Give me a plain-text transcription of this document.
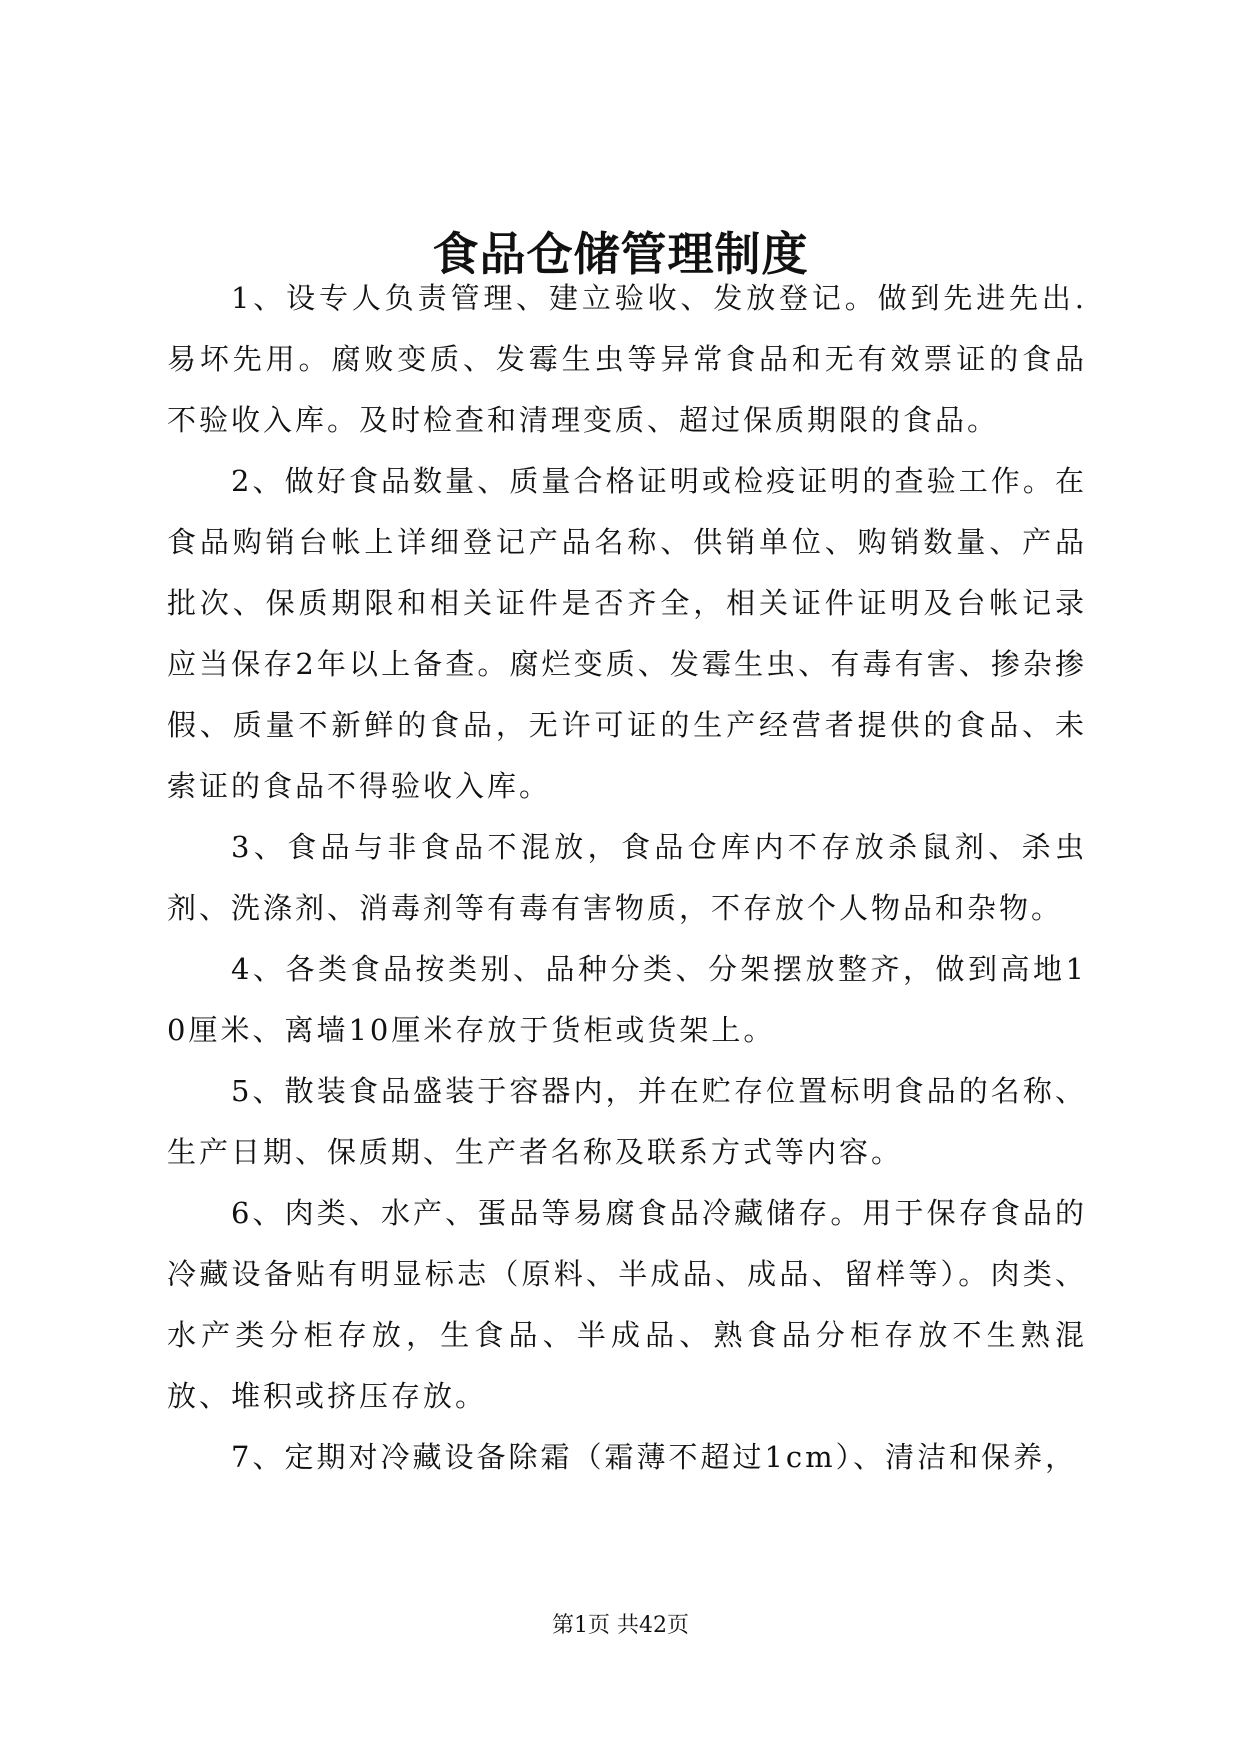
食品仓储管理制度

1、设专人负责管理、建立验收、发放登记。做到先进先出.易坏先用。腐败变质、发霉生虫等异常食品和无有效票证的食品不验收入库。及时检查和清理变质、超过保质期限的食品。

2、做好食品数量、质量合格证明或检疫证明的查验工作。在食品购销台帐上详细登记产品名称、供销单位、购销数量、产品批次、保质期限和相关证件是否齐全，相关证件证明及台帐记录应当保存2年以上备查。腐烂变质、发霉生虫、有毒有害、掺杂掺假、质量不新鲜的食品，无许可证的生产经营者提供的食品、未索证的食品不得验收入库。

3、食品与非食品不混放，食品仓库内不存放杀鼠剂、杀虫剂、洗涤剂、消毒剂等有毒有害物质，不存放个人物品和杂物。

4、各类食品按类别、品种分类、分架摆放整齐，做到高地10厘米、离墙10厘米存放于货柜或货架上。

5、散装食品盛装于容器内，并在贮存位置标明食品的名称、生产日期、保质期、生产者名称及联系方式等内容。

6、肉类、水产、蛋品等易腐食品冷藏储存。用于保存食品的冷藏设备贴有明显标志（原料、半成品、成品、留样等）。肉类、水产类分柜存放，生食品、半成品、熟食品分柜存放不生熟混放、堆积或挤压存放。

7、定期对冷藏设备除霜（霜薄不超过1cm）、清洁和保养，

第1页 共42页
